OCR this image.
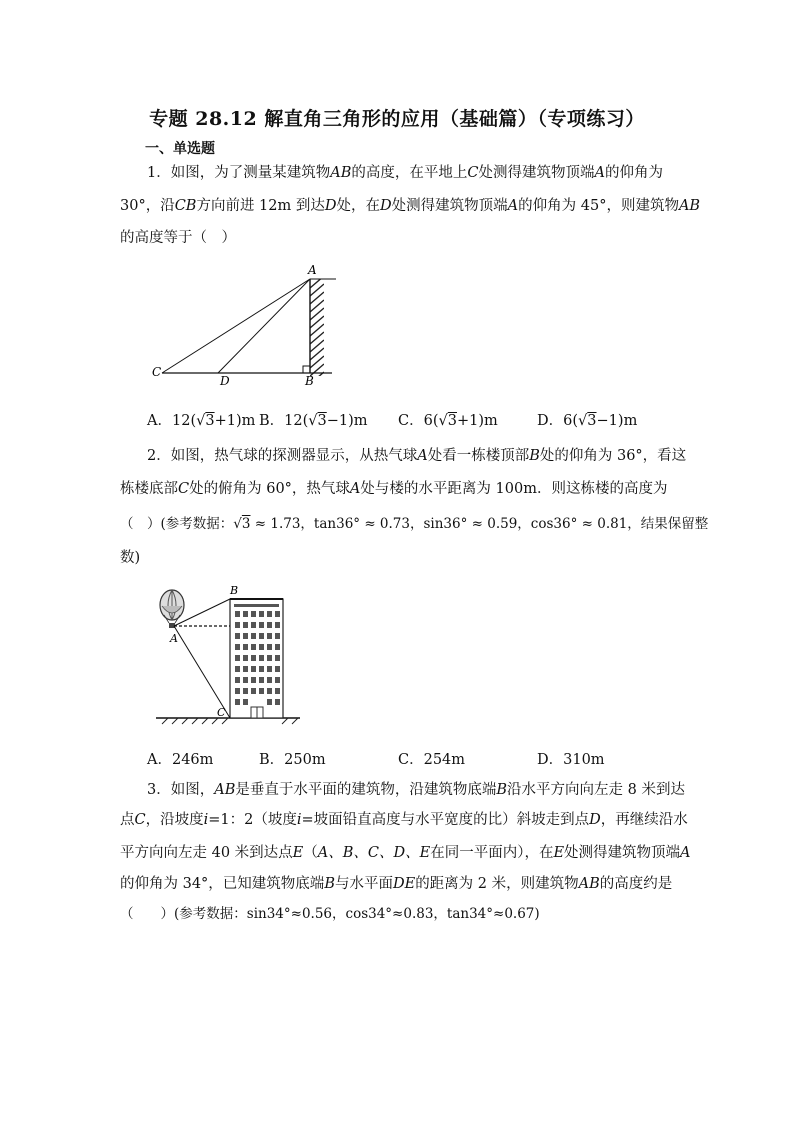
专题 28.12 解直角三角形的应用（基础篇）（专项练习）
一、单选题
1．如图，为了测量某建筑物AB的高度，在平地上C处测得建筑物顶端A的仰角为
30°，沿CB方向前进 12m 到达D处，在D处测得建筑物顶端A的仰角为 45°，则建筑物AB
的高度等于（　）
A
B
C
D
A．12(√3+1)m B．12(√3−1)m C．6(√3+1)m	D．6(√3−1)m
2．如图，热气球的探测器显示，从热气球A处看一栋楼顶部B处的仰角为 36°，看这
栋楼底部C处的俯角为 60°，热气球A处与楼的水平距离为 100m．则这栋楼的高度为
（　）(参考数据：√3 ≈ 1.73，tan36° ≈ 0.73，sin36° ≈ 0.59，cos36° ≈ 0.81，结果保留整
数)
B
A
C
A．246m	B．250m	C．254m	D．310m
3．如图，AB是垂直于水平面的建筑物，沿建筑物底端B沿水平方向向左走 8 米到达
点C，沿坡度i=1：2（坡度i=坡面铅直高度与水平宽度的比）斜坡走到点D，再继续沿水
平方向向左走 40 米到达点E（A、B、C、D、E在同一平面内），在E处测得建筑物顶端A
的仰角为 34°，已知建筑物底端B与水平面DE的距离为 2 米，则建筑物AB的高度约是
（　　）(参考数据：sin34°≈0.56，cos34°≈0.83，tan34°≈0.67)
